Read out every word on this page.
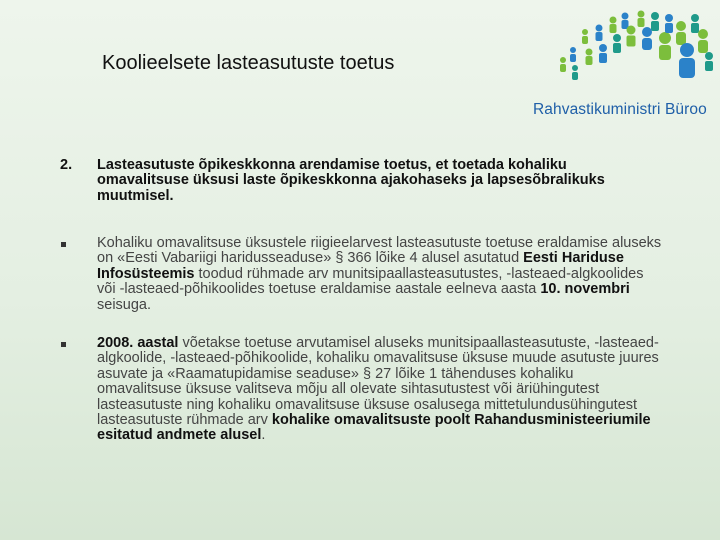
Koolieelsete lasteasutuste toetus
Rahvastikuministri Büroo
2.	Lasteasutuste õpikeskkonna arendamise toetus, et toetada kohaliku omavalitsuse üksusi laste õpikeskkonna ajakohaseks ja lapsesõbralikuks muutmisel.
Kohaliku omavalitsuse üksustele riigieelarvest lasteasutuste toetuse eraldamise aluseks on «Eesti Vabariigi haridusseaduse» § 366 lõike 4 alusel asutatud Eesti Hariduse Infosüsteemis toodud rühmade arv munitsipaallasteasutustes, -lasteaed-algkoolides või -lasteaed-põhikoolides toetuse eraldamise aastale eelneva aasta 10. novembri seisuga.
2008. aastal võetakse toetuse arvutamisel aluseks munitsipaallasteasutuste, -lasteaed-algkoolide, -lasteaed-põhikoolide, kohaliku omavalitsuse üksuse muude asutuste juures asuvate ja «Raamatupidamise seaduse» § 27 lõike 1 tähenduses kohaliku omavalitsuse üksuse valitseva mõju all olevate sihtasutustest või äriühingutest lasteasutuste ning kohaliku omavalitsuse üksuse osalusega mittetulundusühingutest lasteasutuste rühmade arv kohalike omavalitsuste poolt Rahandusministeeriumile esitatud andmete alusel.
